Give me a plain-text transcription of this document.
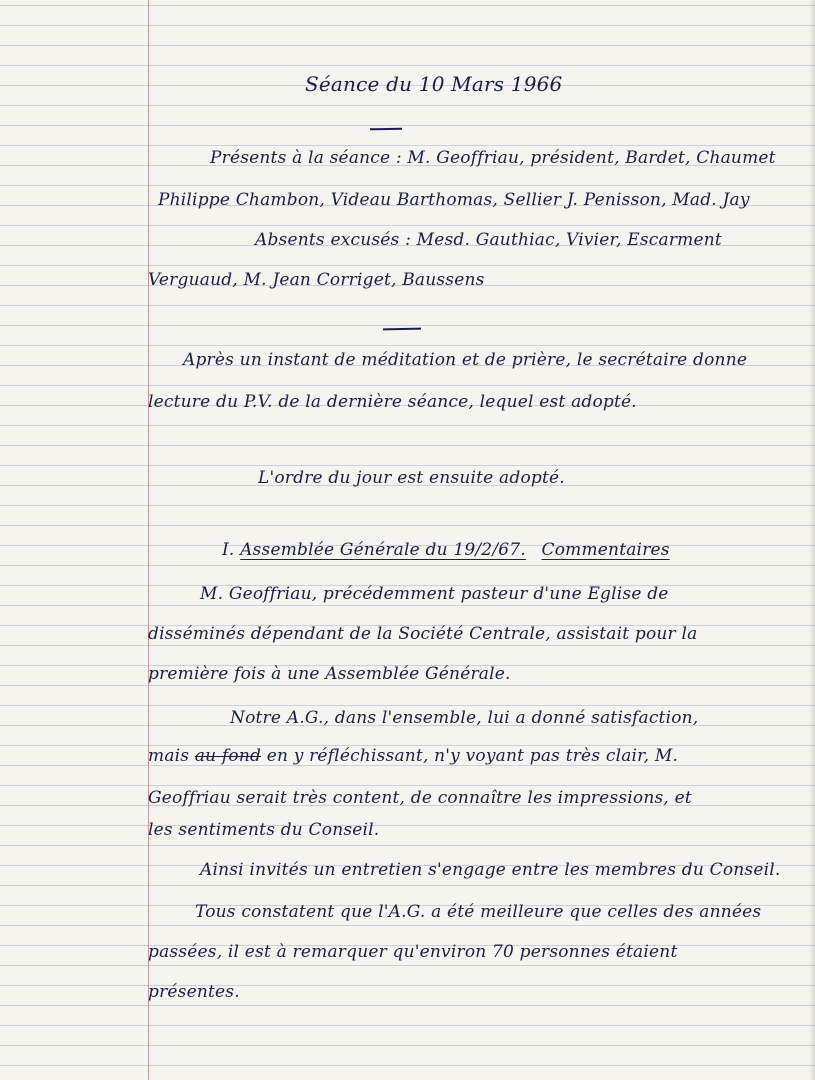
Séance du 10 Mars 1966
Présents à la séance : M. Geoffriau, président, Bardet, Chaumet
Philippe Chambon, Videau Barthomas, Sellier J. Penisson, Mad. Jay
Absents excusés : Mesd. Gauthiac, Vivier, Escarment
Verguaud, M. Jean Corriget, Baussens
Après un instant de méditation et de prière, le secrétaire donne
lecture du P.V. de la dernière séance, lequel est adopté.
L'ordre du jour est ensuite adopté.
I. Assemblée Générale du 19/2/67. Commentaires
M. Geoffriau, précédemment pasteur d'une Eglise de
disséminés dépendant de la Société Centrale, assistait pour la
première fois à une Assemblée Générale.
Notre A.G., dans l'ensemble, lui a donné satisfaction,
mais au fond en y réfléchissant, n'y voyant pas très clair, M.
Geoffriau serait très content, de connaître les impressions, et
les sentiments du Conseil.
Ainsi invités un entretien s'engage entre les membres du Conseil.
Tous constatent que l'A.G. a été meilleure que celles des années
passées, il est à remarquer qu'environ 70 personnes étaient
présentes.
